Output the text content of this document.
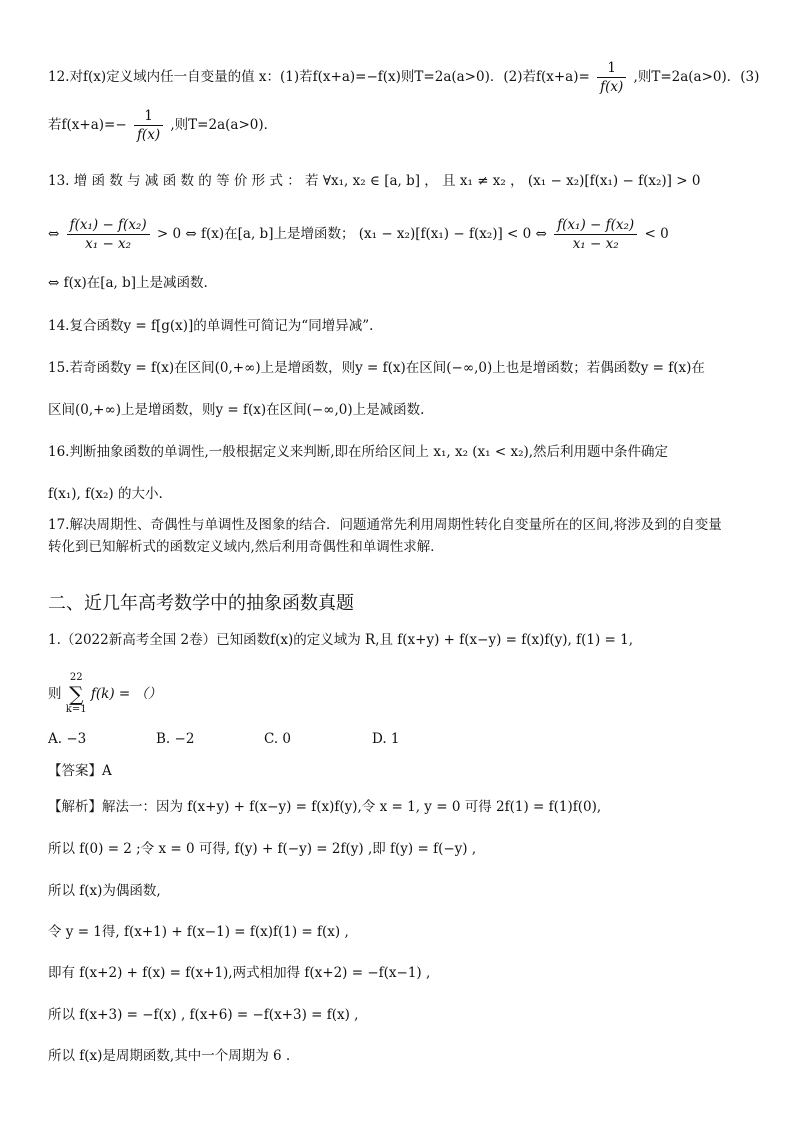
12.对f(x)定义域内任一自变量的值 x：(1)若f(x+a)=−f(x)则T=2a(a>0)．(2)若$f(x+a)= \frac{1}{f(x)}$ ,则T=2a(a>0)．(3)
若$f(x+a)=- \frac{1}{f(x)}$ ,则T=2a(a>0)．
13. 增 函 数 与 减 函 数 的 等 价 形 式 ： 若 ∀x₁, x₂ ∈ [a, b] ， 且 x₁ ≠ x₂ ， (x₁ − x₂)[f(x₁) − f(x₂)] > 0
⇔ $\frac{\text{f(x₁) − f(x₂)}}{\text{x₁ − x₂}} > 0$ ⇔ f(x)在[a, b]上是增函数； (x₁ − x₂)[f(x₁) − f(x₂)] < 0 ⇔ $\frac{\text{f(x₁) − f(x₂)}}{\text{x₁ − x₂}} < 0$
⇔ f(x)在[a, b]上是减函数.
14.复合函数y = f[g(x)]的单调性可简记为“同增异减”.
15.若奇函数y = f(x)在区间(0,+∞)上是增函数，则y = f(x)在区间(−∞,0)上也是增函数；若偶函数y = f(x)在
区间(0,+∞)上是增函数，则y = f(x)在区间(−∞,0)上是减函数.
16.判断抽象函数的单调性,一般根据定义来判断,即在所给区间上 x₁, x₂ (x₁ < x₂),然后利用题中条件确定
f(x₁), f(x₂) 的大小.
17.解决周期性、奇偶性与单调性及图象的结合．问题通常先利用周期性转化自变量所在的区间,将涉及到的自变量
转化到已知解析式的函数定义域内,然后利用奇偶性和单调性求解．
二、近几年高考数学中的抽象函数真题
1.（2022新高考全国 2卷）已知函数f(x)的定义域为 R,且 f(x+y) + f(x−y) = f(x)f(y), f(1) = 1,
则
22
∑
k=1
f(k) = （）
A. −3	B. −2	C. 0	D. 1
【答案】A
【解析】解法一：因为 f(x+y) + f(x−y) = f(x)f(y),令 x = 1, y = 0 可得 2f(1) = f(1)f(0),
所以 f(0) = 2 ;令 x = 0 可得, f(y) + f(−y) = 2f(y) ,即 f(y) = f(−y) ,
所以 f(x)为偶函数,
令 y = 1得, f(x+1) + f(x−1) = f(x)f(1) = f(x) ,
即有 f(x+2) + f(x) = f(x+1),两式相加得 f(x+2) = −f(x−1) ,
所以 f(x+3) = −f(x) , f(x+6) = −f(x+3) = f(x) ,
所以 f(x)是周期函数,其中一个周期为 6 .
